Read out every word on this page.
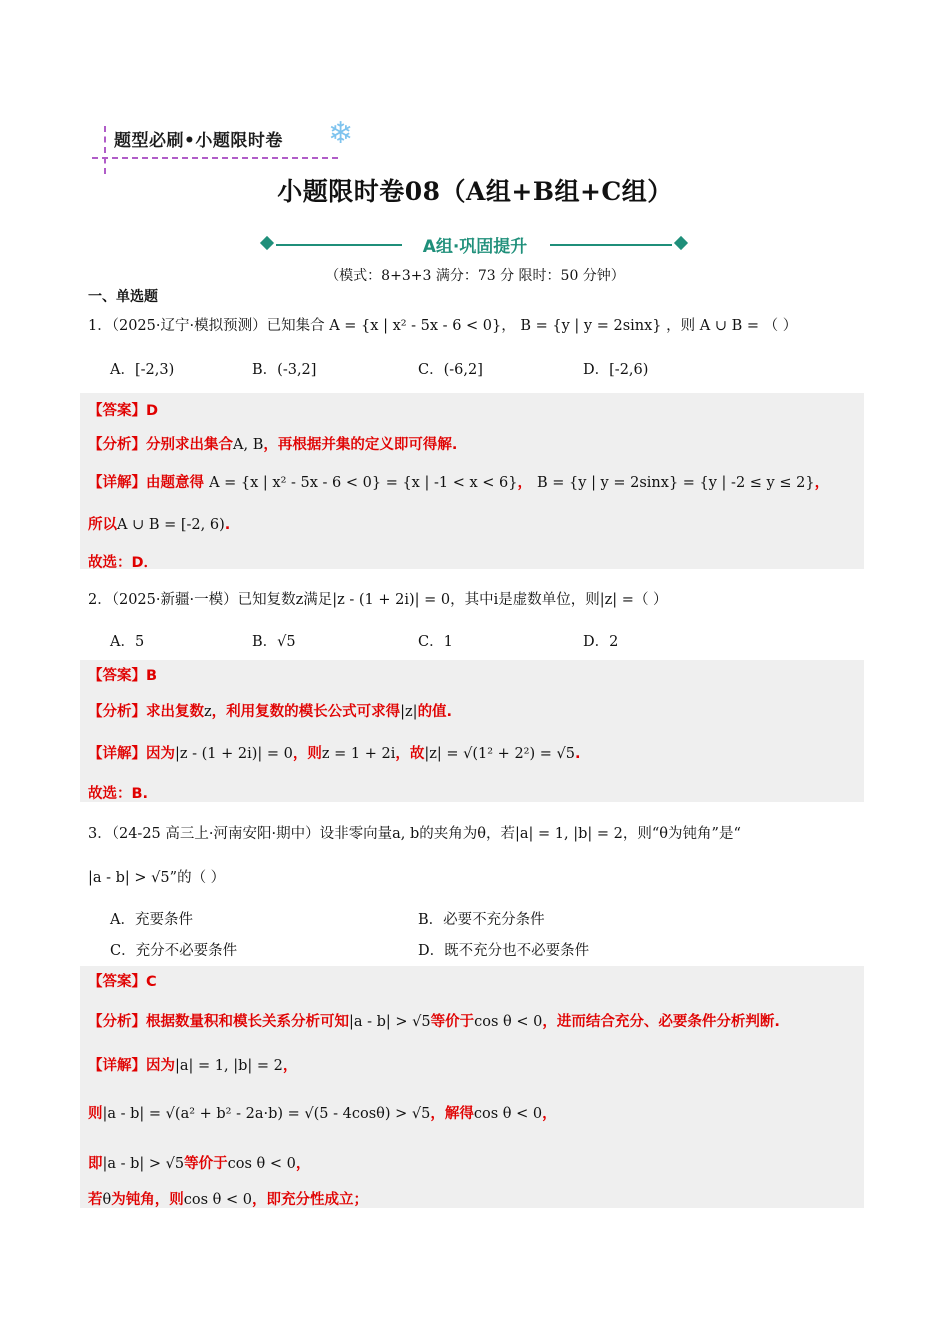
题型必刷•小题限时卷 ❄
小题限时卷08（A组+B组+C组）
A组·巩固提升
（模式：8+3+3 满分：73 分 限时：50 分钟）
一、单选题
1．（2025·辽宁·模拟预测）已知集合 A = {x | x² - 5x - 6 < 0}， B = {y | y = 2sinx} ，则 A ∪ B = （ ）
A．[-2,3)	B．(-3,2]	C．(-6,2]	D．[-2,6)
【答案】D
【分析】分别求出集合A, B，再根据并集的定义即可得解.
【详解】由题意得 A = {x | x² - 5x - 6 < 0} = {x | -1 < x < 6}， B = {y | y = 2sinx} = {y | -2 ≤ y ≤ 2}，
所以A ∪ B = [-2, 6).
故选：D．
2．（2025·新疆·一模）已知复数z满足|z - (1 + 2i)| = 0，其中i是虚数单位，则|z| =（ ）
A．5	B．√5	C．1	D．2
【答案】B
【分析】求出复数z，利用复数的模长公式可求得|z|的值.
【详解】因为|z - (1 + 2i)| = 0，则z = 1 + 2i，故|z| = √(1² + 2²) = √5.
故选：B.
3．（24-25 高三上·河南安阳·期中）设非零向量a, b的夹角为θ，若|a| = 1, |b| = 2，则“θ为钝角”是“
|a - b| > √5”的（ ）
A．充要条件	B．必要不充分条件
C．充分不必要条件	D．既不充分也不必要条件
【答案】C
【分析】根据数量积和模长关系分析可知|a - b| > √5等价于cos θ < 0，进而结合充分、必要条件分析判断.
【详解】因为|a| = 1, |b| = 2，
则|a - b| = √(a² + b² - 2a·b) = √(5 - 4cosθ) > √5，解得cos θ < 0，
即|a - b| > √5等价于cos θ < 0，
若θ为钝角，则cos θ < 0，即充分性成立；
